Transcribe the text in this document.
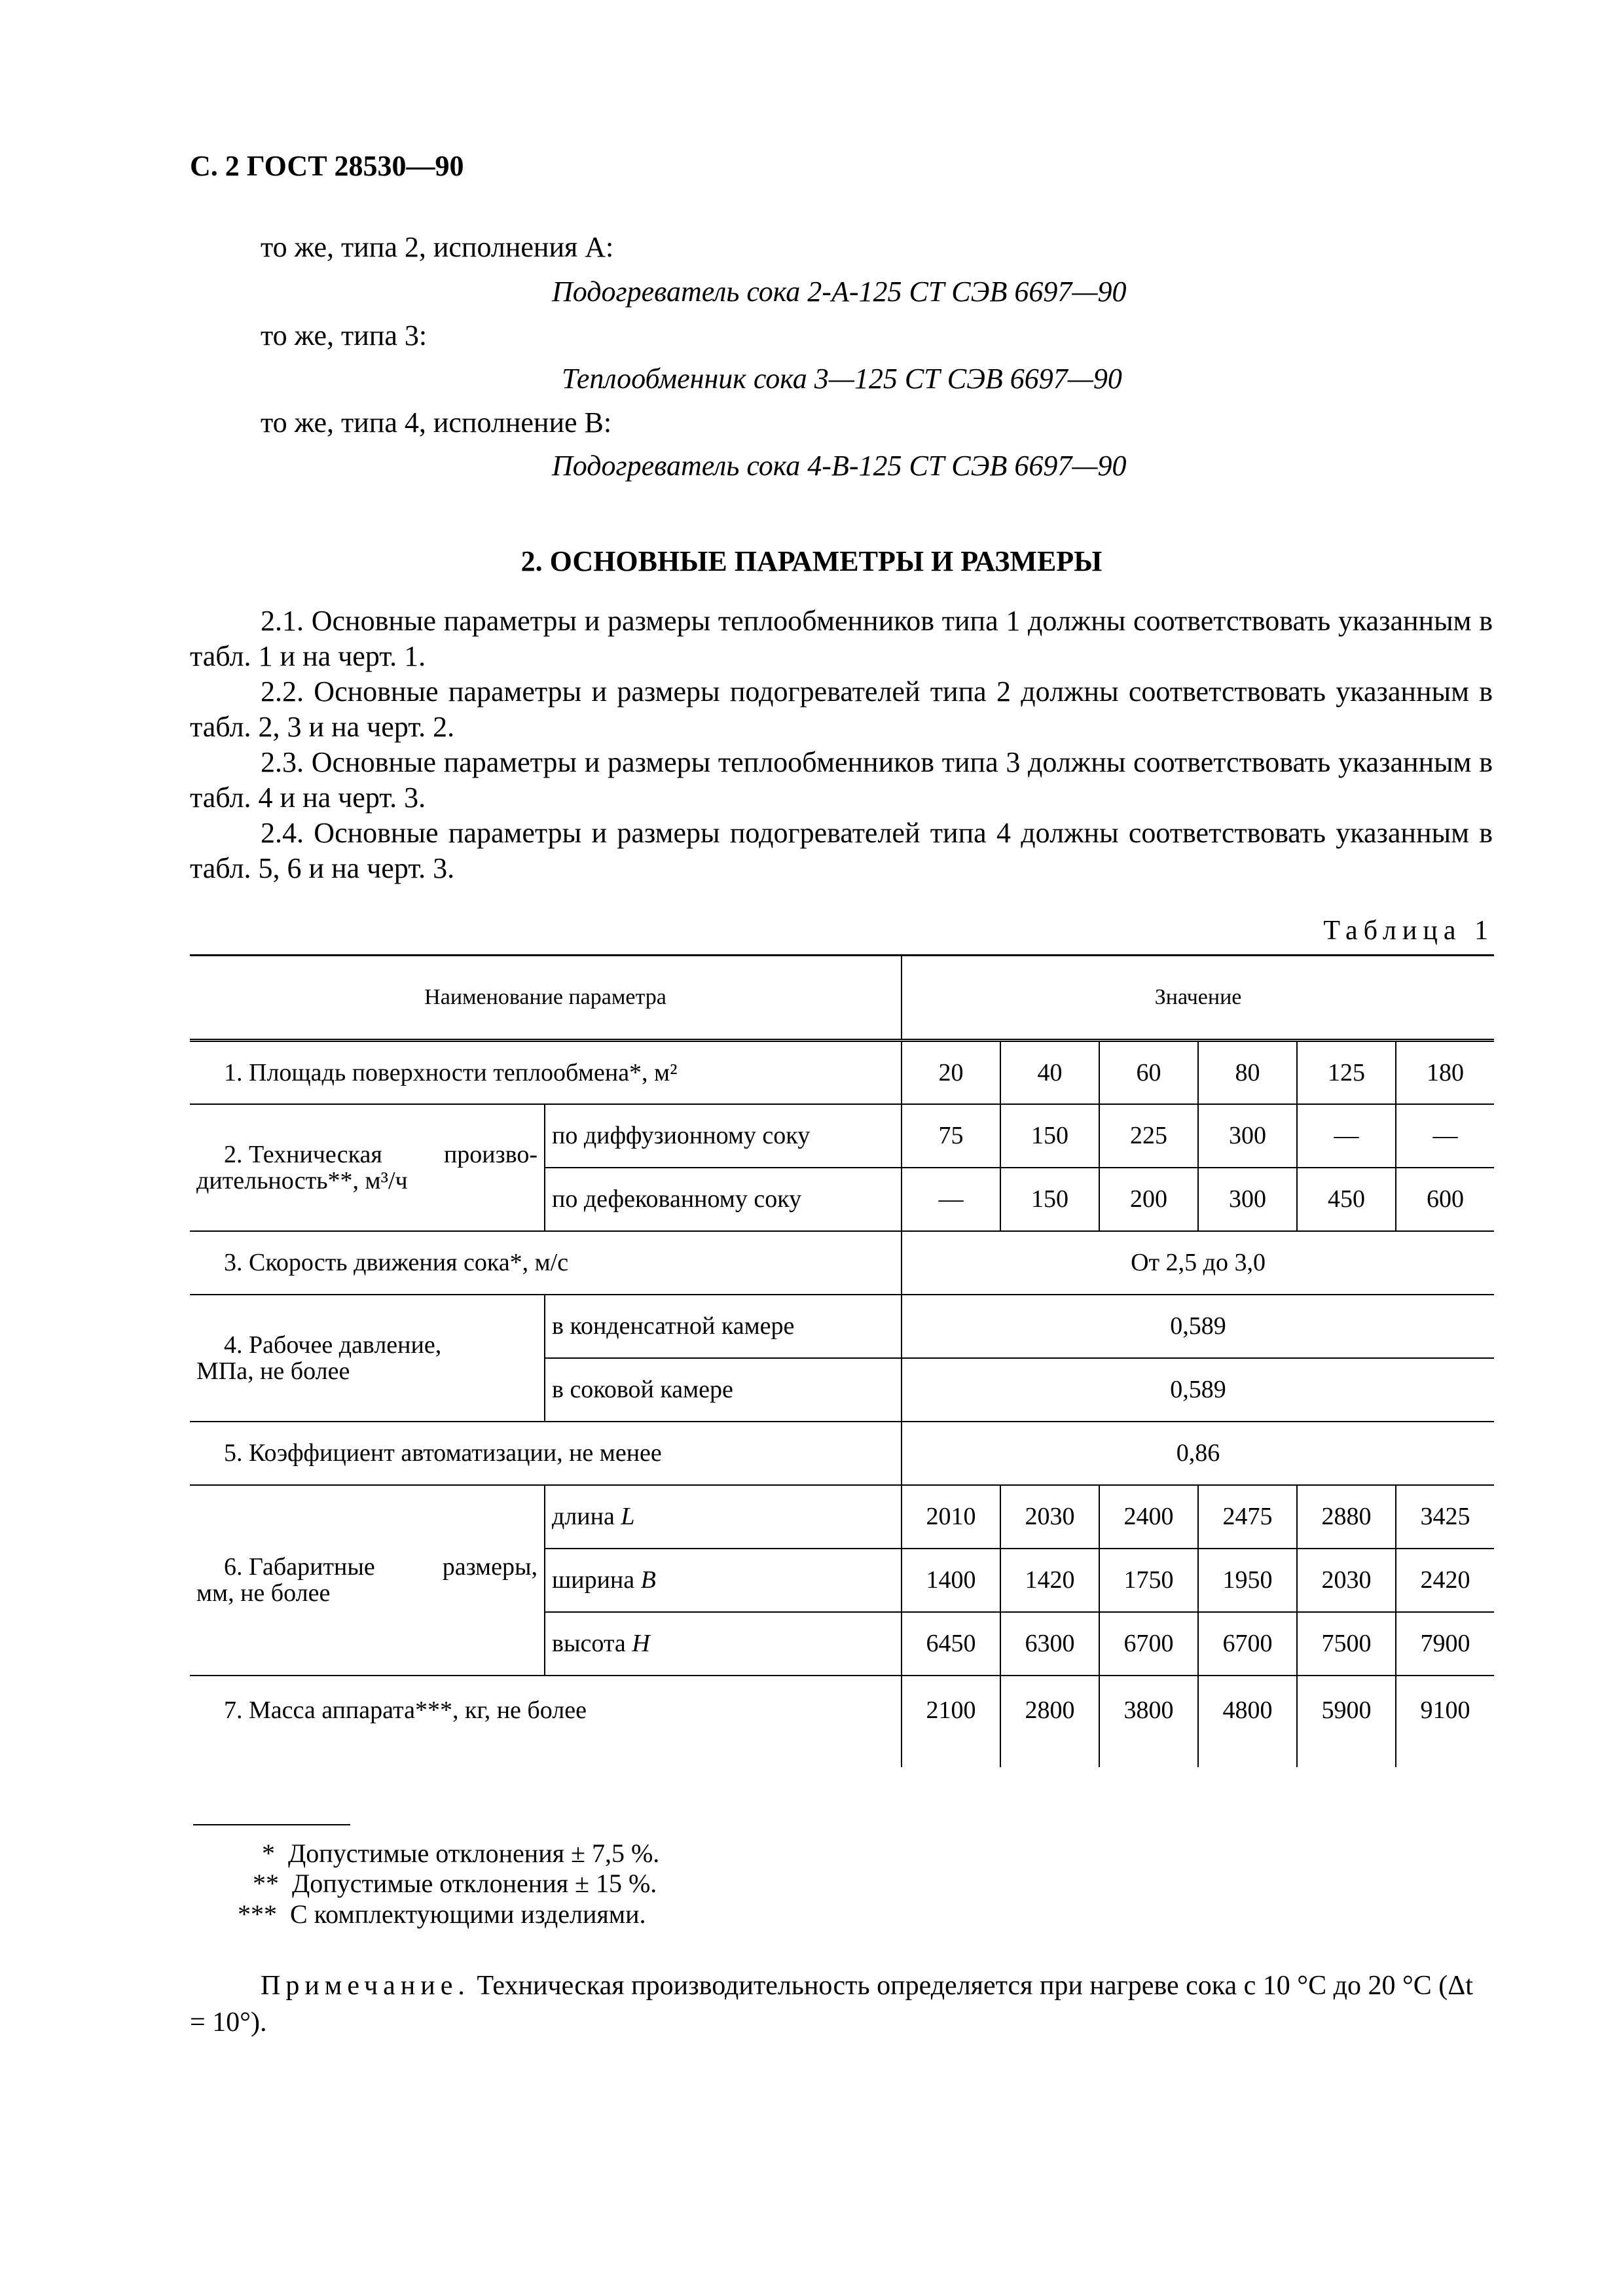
С. 2 ГОСТ 28530—90
то же, типа 2, исполнения А:
Подогреватель сока 2-А-125 СТ СЭВ 6697—90
то же, типа 3:
Теплообменник сока 3—125 СТ СЭВ 6697—90
то же, типа 4, исполнение В:
Подогреватель сока 4-В-125 СТ СЭВ 6697—90
2. ОСНОВНЫЕ ПАРАМЕТРЫ И РАЗМЕРЫ
2.1. Основные параметры и размеры теплообменников типа 1 должны соответствовать указанным в табл. 1 и на черт. 1.
2.2. Основные параметры и размеры подогревателей типа 2 должны соответствовать указанным в табл. 2, 3 и на черт. 2.
2.3. Основные параметры и размеры теплообменников типа 3 должны соответствовать указанным в табл. 4 и на черт. 3.
2.4. Основные параметры и размеры подогревателей типа 4 должны соответствовать указанным в табл. 5, 6 и на черт. 3.
Таблица 1
Наименование параметра		Значение					
1. Площадь поверхности теплообмена*, м²		20	40	60	80	125	180

2. Техническая произво-
дительность**, м³/ч	по диффузионному соку	75	150	225	300	—	—
	по дефекованному соку	—	150	200	300	450	600
3. Скорость движения сока*, м/с		От 2,5 до 3,0					

4. Рабочее давление,
МПа, не более	в конденсатной камере	0,589					
	в соковой камере	0,589					
5. Коэффициент автоматизации, не менее		0,86					

6. Габаритные размеры,
мм, не более	длина L	2010	2030	2400	2475	2880	3425
	ширина B	1400	1420	1750	1950	2030	2420
	высота H	6450	6300	6700	6700	7500	7900
7. Масса аппарата***, кг, не более		2100	2800	3800	4800	5900	9100
* Допустимые отклонения ± 7,5 %.
** Допустимые отклонения ± 15 %.
*** С комплектующими изделиями.
Примечание. Техническая производительность определяется при нагреве сока с 10 °С до 20 °С (Δt = 10°).
